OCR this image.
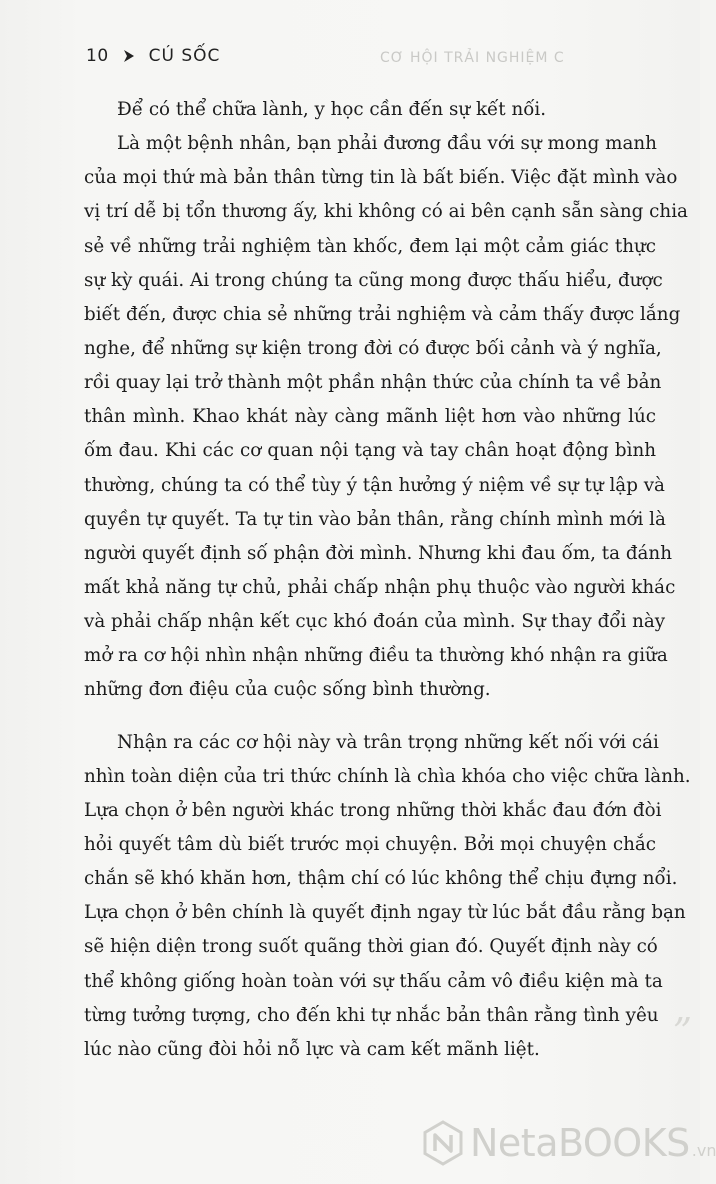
10 CÚ SỐC	CƠ HỘI TRẢI NGHIỆM C
Để có thể chữa lành, y học cần đến sự kết nối.
Là một bệnh nhân, bạn phải đương đầu với sự mong manh
của mọi thứ mà bản thân từng tin là bất biến. Việc đặt mình vào
vị trí dễ bị tổn thương ấy, khi không có ai bên cạnh sẵn sàng chia
sẻ về những trải nghiệm tàn khốc, đem lại một cảm giác thực
sự kỳ quái. Ai trong chúng ta cũng mong được thấu hiểu, được
biết đến, được chia sẻ những trải nghiệm và cảm thấy được lắng
nghe, để những sự kiện trong đời có được bối cảnh và ý nghĩa,
rồi quay lại trở thành một phần nhận thức của chính ta về bản
thân mình. Khao khát này càng mãnh liệt hơn vào những lúc
ốm đau. Khi các cơ quan nội tạng và tay chân hoạt động bình
thường, chúng ta có thể tùy ý tận hưởng ý niệm về sự tự lập và
quyền tự quyết. Ta tự tin vào bản thân, rằng chính mình mới là
người quyết định số phận đời mình. Nhưng khi đau ốm, ta đánh
mất khả năng tự chủ, phải chấp nhận phụ thuộc vào người khác
và phải chấp nhận kết cục khó đoán của mình. Sự thay đổi này
mở ra cơ hội nhìn nhận những điều ta thường khó nhận ra giữa
những đơn điệu của cuộc sống bình thường.
Nhận ra các cơ hội này và trân trọng những kết nối với cái
nhìn toàn diện của tri thức chính là chìa khóa cho việc chữa lành.
Lựa chọn ở bên người khác trong những thời khắc đau đớn đòi
hỏi quyết tâm dù biết trước mọi chuyện. Bởi mọi chuyện chắc
chắn sẽ khó khăn hơn, thậm chí có lúc không thể chịu đựng nổi.
Lựa chọn ở bên chính là quyết định ngay từ lúc bắt đầu rằng bạn
sẽ hiện diện trong suốt quãng thời gian đó. Quyết định này có
thể không giống hoàn toàn với sự thấu cảm vô điều kiện mà ta
từng tưởng tượng, cho đến khi tự nhắc bản thân rằng tình yêu
lúc nào cũng đòi hỏi nỗ lực và cam kết mãnh liệt.	”
NetaBOOKS .vn
